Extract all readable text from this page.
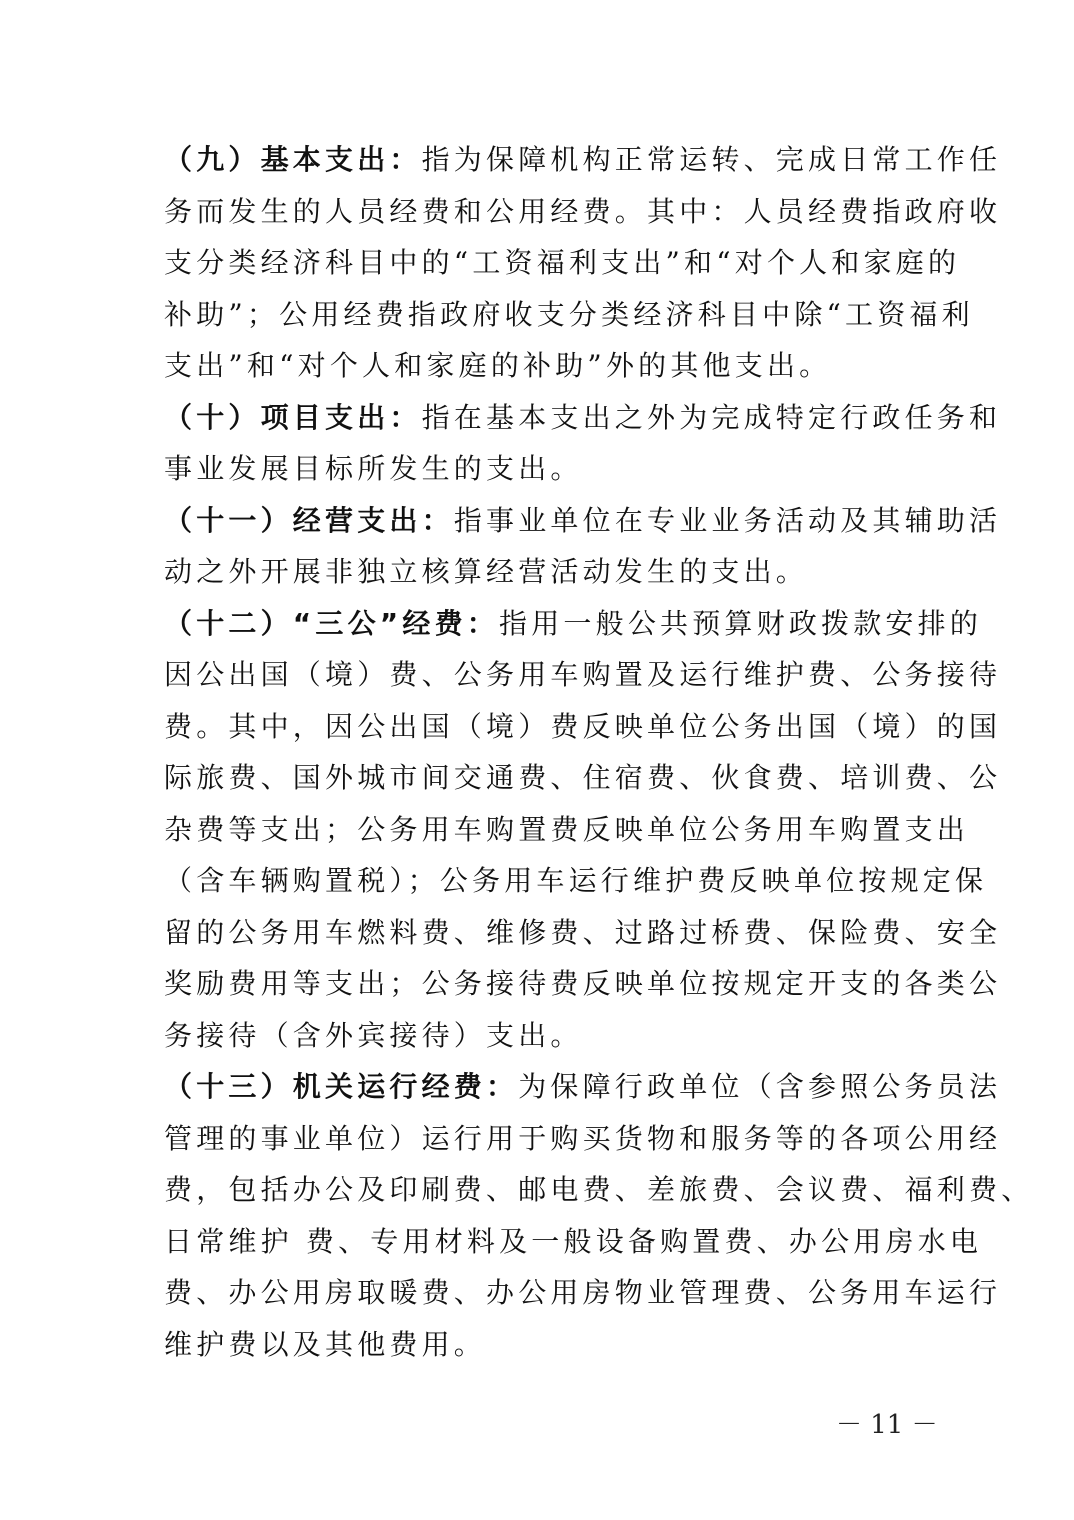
（九）基本支出：指为保障机构正常运转、完成日常工作任
务而发生的人员经费和公用经费。其中：人员经费指政府收
支分类经济科目中的“工资福利支出”和“对个人和家庭的
补助”；公用经费指政府收支分类经济科目中除“工资福利
支出”和“对个人和家庭的补助”外的其他支出。
（十）项目支出：指在基本支出之外为完成特定行政任务和
事业发展目标所发生的支出。
（十一）经营支出：指事业单位在专业业务活动及其辅助活
动之外开展非独立核算经营活动发生的支出。
（十二）“三公”经费：指用一般公共预算财政拨款安排的
因公出国（境）费、公务用车购置及运行维护费、公务接待
费。其中，因公出国（境）费反映单位公务出国（境）的国
际旅费、国外城市间交通费、住宿费、伙食费、培训费、公
杂费等支出；公务用车购置费反映单位公务用车购置支出
（含车辆购置税）；公务用车运行维护费反映单位按规定保
留的公务用车燃料费、维修费、过路过桥费、保险费、安全
奖励费用等支出；公务接待费反映单位按规定开支的各类公
务接待（含外宾接待）支出。
（十三）机关运行经费：为保障行政单位（含参照公务员法
管理的事业单位）运行用于购买货物和服务等的各项公用经
费，包括办公及印刷费、邮电费、差旅费、会议费、福利费、
日常维护 费、专用材料及一般设备购置费、办公用房水电
费、办公用房取暖费、办公用房物业管理费、公务用车运行
维护费以及其他费用。
－ 11 －
